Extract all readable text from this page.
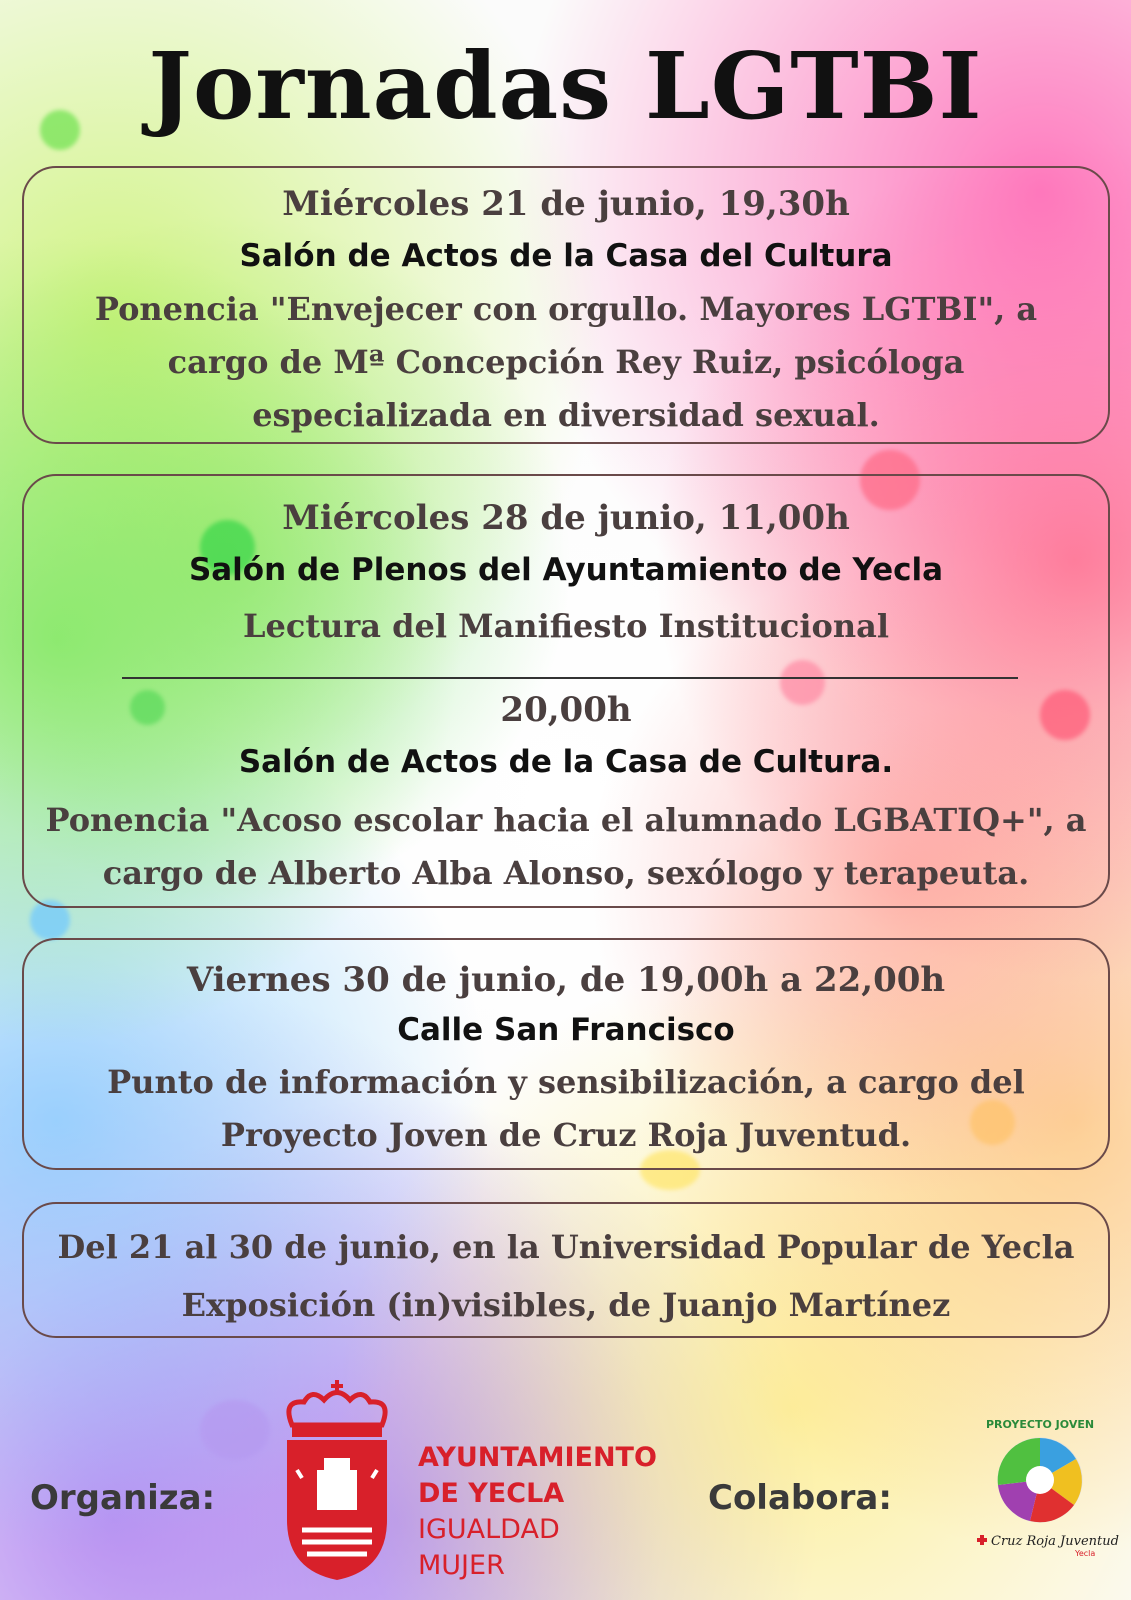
Jornadas LGTBI
Miércoles 21 de junio, 19,30h
Salón de Actos de la Casa del Cultura
Ponencia "Envejecer con orgullo. Mayores LGTBI", a
cargo de Mª Concepción Rey Ruiz, psicóloga
especializada en diversidad sexual.
Miércoles 28 de junio, 11,00h
Salón de Plenos del Ayuntamiento de Yecla
Lectura del Manifiesto Institucional
20,00h
Salón de Actos de la Casa de Cultura.
Ponencia "Acoso escolar hacia el alumnado LGBATIQ+", a
cargo de Alberto Alba Alonso, sexólogo y terapeuta.
Viernes 30 de junio, de 19,00h a 22,00h
Calle San Francisco
Punto de información y sensibilización, a cargo del
Proyecto Joven de Cruz Roja Juventud.
Del 21 al 30 de junio, en la Universidad Popular de Yecla
Exposición (in)visibles, de Juanjo Martínez
Organiza:
AYUNTAMIENTO
DE YECLA
IGUALDAD
MUJER
Colabora:
PROYECTO JOVEN
Cruz Roja Juventud
Yecla
